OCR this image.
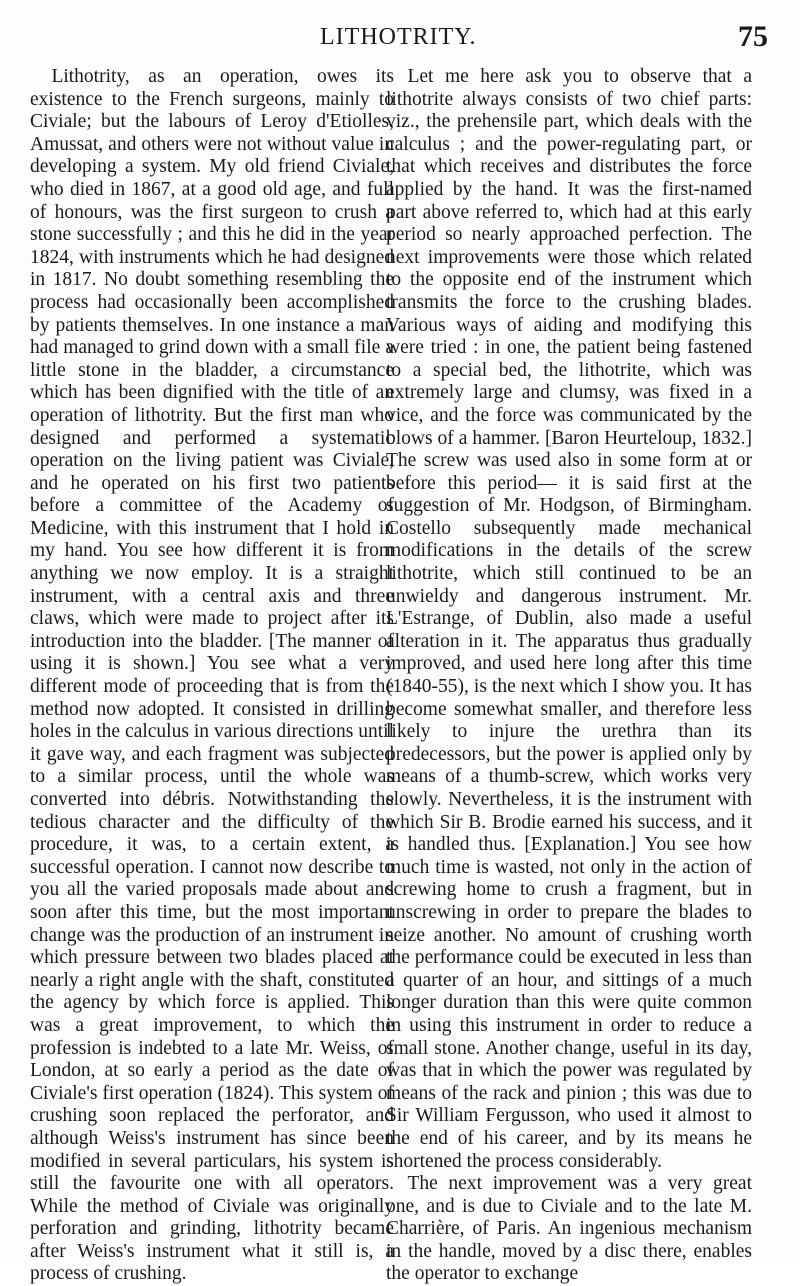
LITHOTRITY.	75

Lithotrity, as an operation, owes its existence to the French surgeons, mainly to Civiale; but the labours of Leroy d'Etiolles, Amussat, and others were not without value in developing a system. My old friend Civiale, who died in 1867, at a good old age, and full of honours, was the first surgeon to crush a stone successfully ; and this he did in the year 1824, with instruments which he had designed in 1817. No doubt something resembling the process had occasionally been accomplished by patients themselves. In one instance a man had managed to grind down with a small file a little stone in the bladder, a circumstance which has been dignified with the title of an operation of lithotrity. But the first man who designed and performed a systematic operation on the living patient was Civiale, and he operated on his first two patients before a committee of the Academy of Medicine, with this instrument that I hold in my hand. You see how different it is from anything we now employ. It is a straight instrument, with a central axis and three claws, which were made to project after its introduction into the bladder. [The manner of using it is shown.] You see what a very different mode of proceeding that is from the method now adopted. It consisted in drilling holes in the calculus in various directions until it gave way, and each fragment was subjected to a similar process, until the whole was converted into débris. Notwithstanding the tedious character and the difficulty of the procedure, it was, to a certain extent, a successful operation. I cannot now describe to you all the varied proposals made about and soon after this time, but the most important change was the production of an instrument in which pressure between two blades placed at nearly a right angle with the shaft, constituted the agency by which force is applied. This was a great improvement, to which the profession is indebted to a late Mr. Weiss, of London, at so early a period as the date of Civiale's first operation (1824). This system of crushing soon replaced the perforator, and although Weiss's instrument has since been modified in several particulars, his system is still the favourite one with all operators. While the method of Civiale was originally perforation and grinding, lithotrity became after Weiss's instrument what it still is, a process of crushing.

Let me here ask you to observe that a lithotrite always consists of two chief parts: viz., the prehensile part, which deals with the calculus ; and the power-regulating part, or that which receives and distributes the force applied by the hand. It was the first-named part above referred to, which had at this early period so nearly approached perfection. The next improvements were those which related to the opposite end of the instrument which transmits the force to the crushing blades. Various ways of aiding and modifying this were tried : in one, the patient being fastened to a special bed, the lithotrite, which was extremely large and clumsy, was fixed in a vice, and the force was communicated by the blows of a hammer. [Baron Heurteloup, 1832.] The screw was used also in some form at or before this period— it is said first at the suggestion of Mr. Hodgson, of Birmingham. Costello subsequently made mechanical modifications in the details of the screw lithotrite, which still continued to be an unwieldy and dangerous instrument. Mr. L'Estrange, of Dublin, also made a useful alteration in it. The apparatus thus gradually improved, and used here long after this time (1840-55), is the next which I show you. It has become somewhat smaller, and therefore less likely to injure the urethra than its predecessors, but the power is applied only by means of a thumb-screw, which works very slowly. Nevertheless, it is the instrument with which Sir B. Brodie earned his success, and it is handled thus. [Explanation.] You see how much time is wasted, not only in the action of screwing home to crush a fragment, but in unscrewing in order to prepare the blades to seize another. No amount of crushing worth the performance could be executed in less than a quarter of an hour, and sittings of a much longer duration than this were quite common in using this instrument in order to reduce a small stone. Another change, useful in its day, was that in which the power was regulated by means of the rack and pinion ; this was due to Sir William Fergusson, who used it almost to the end of his career, and by its means he shortened the process considerably.

The next improvement was a very great one, and is due to Civiale and to the late M. Charrière, of Paris. An ingenious mechanism in the handle, moved by a disc there, enables the operator to exchange
